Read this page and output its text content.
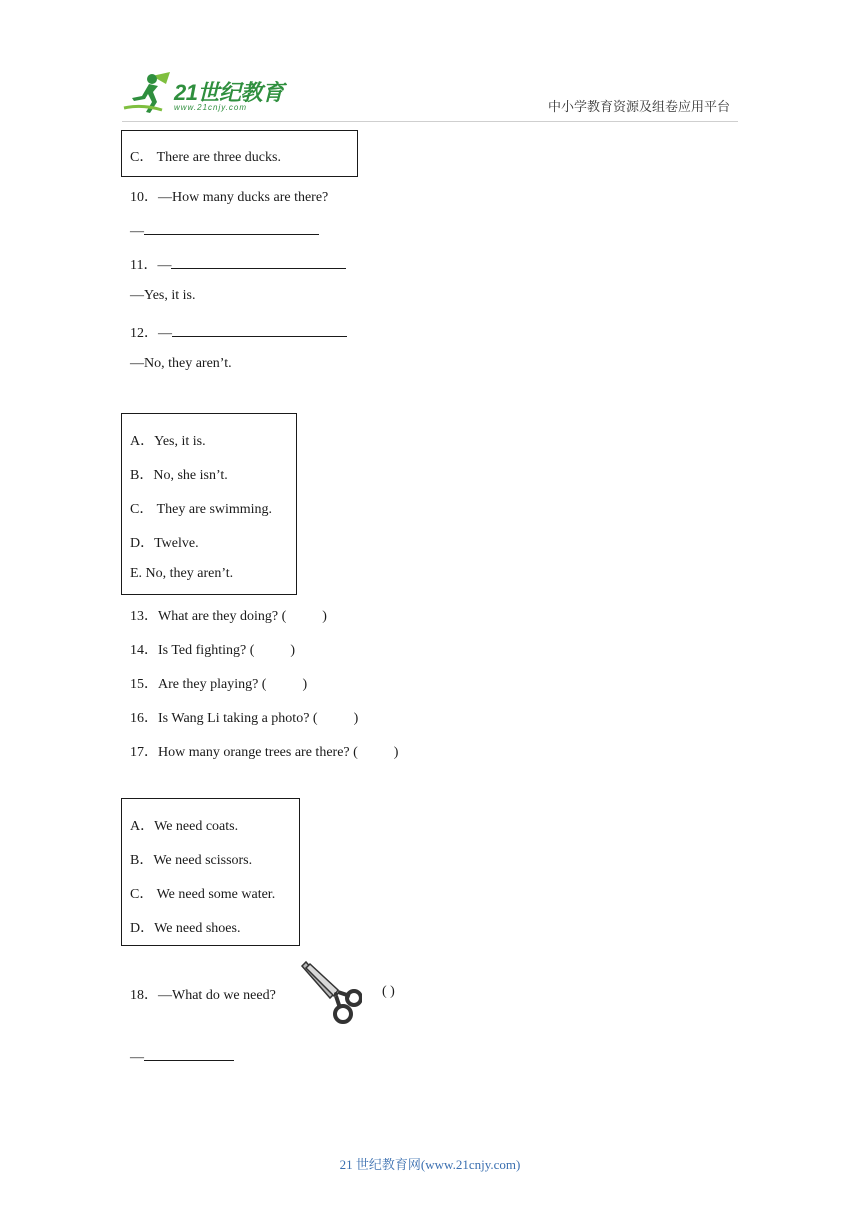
21世纪教育
www.21cnjy.com	中小学教育资源及组卷应用平台
C． There are three ducks.
10．—How many ducks are there?
—
11．—
—Yes, it is.
12．—
—No, they aren’t.
A．Yes, it is.
B．No, she isn’t.
C． They are swimming.
D．Twelve.
E. No, they aren’t.
13．What are they doing? (	)
14．Is Ted fighting? (	)
15．Are they playing? (	)
16．Is Wang Li taking a photo? (	)
17．How many orange trees are there? (	)
A．We need coats.
B．We need scissors.
C． We need some water.
D．We need shoes.
18．—What do we need?	( )
—
21 世纪教育网(www.21cnjy.com)
